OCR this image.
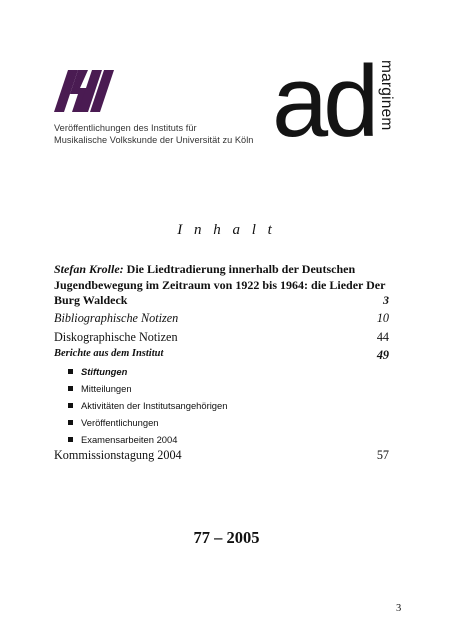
Veröffentlichungen des Instituts für
Musikalische Volkskunde der Universität zu Köln ad marginem
I n h a l t
Stefan Krolle: Die Liedtradierung innerhalb der Deutschen Jugendbewegung im Zeitraum von 1922 bis 1964: die Lieder Der Burg Waldeck	3
Bibliographische Notizen	10
Diskographische Notizen	44
Berichte aus dem Institut	49
Stiftungen
Mitteilungen
Aktivitäten der Institutsangehörigen
Veröffentlichungen
Examensarbeiten 2004
Kommissionstagung 2004	57
77 – 2005
3
